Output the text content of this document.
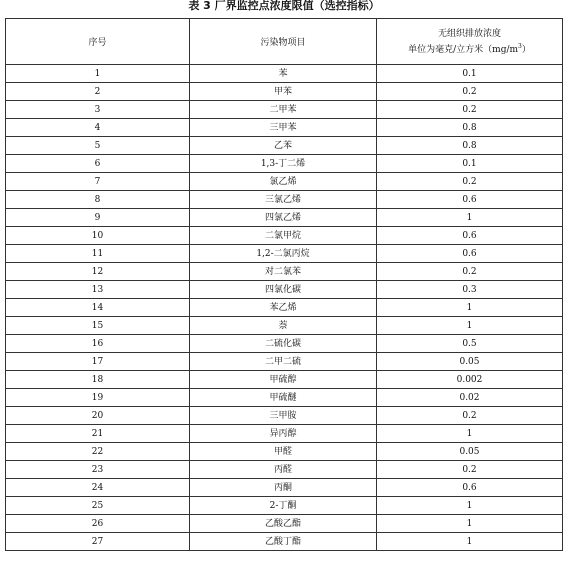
表 3 厂界监控点浓度限值（选控指标）
序号	污染物项目	无组织排放浓度
单位为毫克/立方米$(mg/m^3)$

1	苯	0.1
2	甲苯	0.2
3	二甲苯	0.2
4	三甲苯	0.8
5	乙苯	0.8
6	1,3-丁二烯	0.1
7	氯乙烯	0.2
8	三氯乙烯	0.6
9	四氯乙烯	1
10	二氯甲烷	0.6
11	1,2-二氯丙烷	0.6
12	对二氯苯	0.2
13	四氯化碳	0.3
14	苯乙烯	1
15	萘	1
16	二硫化碳	0.5
17	二甲二硫	0.05
18	甲硫醇	0.002
19	甲硫醚	0.02
20	三甲胺	0.2
21	异丙醇	1
22	甲醛	0.05
23	丙醛	0.2
24	丙酮	0.6
25	2-丁酮	1
26	乙酸乙酯	1
27	乙酸丁酯	1
